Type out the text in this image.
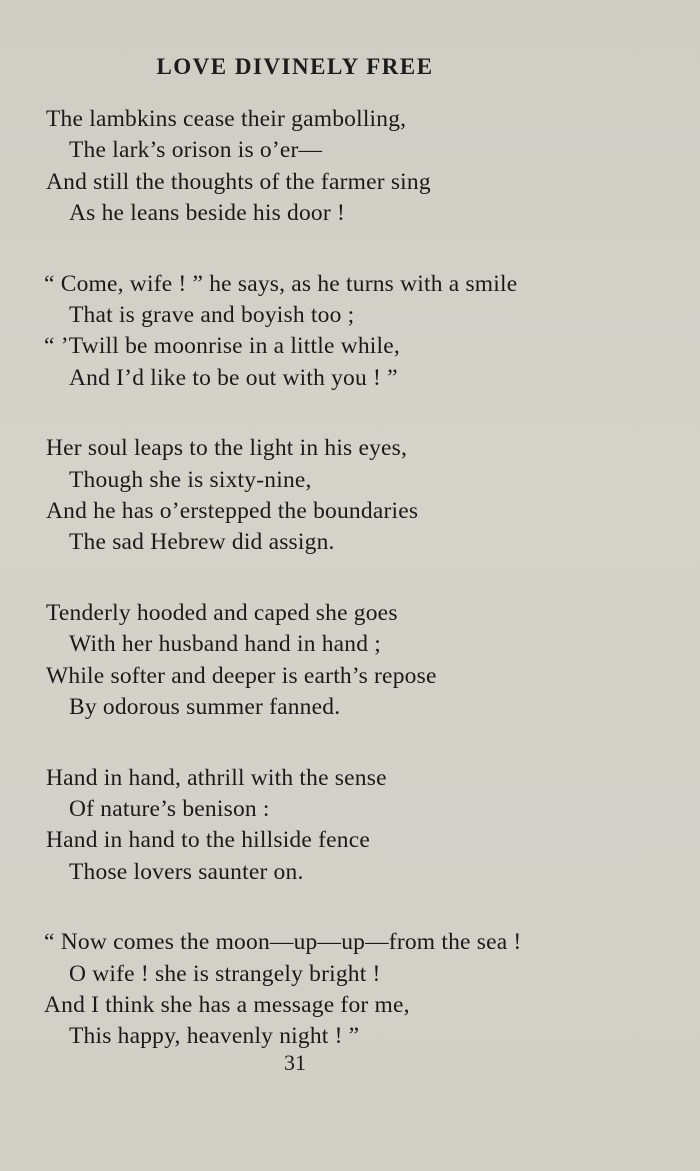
LOVE DIVINELY FREE
The lambkins cease their gambolling,
The lark’s orison is o’er—
And still the thoughts of the farmer sing
As he leans beside his door !
“ Come, wife ! ” he says, as he turns with a smile
That is grave and boyish too ;
“ ’Twill be moonrise in a little while,
And I’d like to be out with you ! ”
Her soul leaps to the light in his eyes,
Though she is sixty-nine,
And he has o’erstepped the boundaries
The sad Hebrew did assign.
Tenderly hooded and caped she goes
With her husband hand in hand ;
While softer and deeper is earth’s repose
By odorous summer fanned.
Hand in hand, athrill with the sense
Of nature’s benison :
Hand in hand to the hillside fence
Those lovers saunter on.
“ Now comes the moon—up—up—from the sea !
O wife ! she is strangely bright !
And I think she has a message for me,
This happy, heavenly night ! ”
31
